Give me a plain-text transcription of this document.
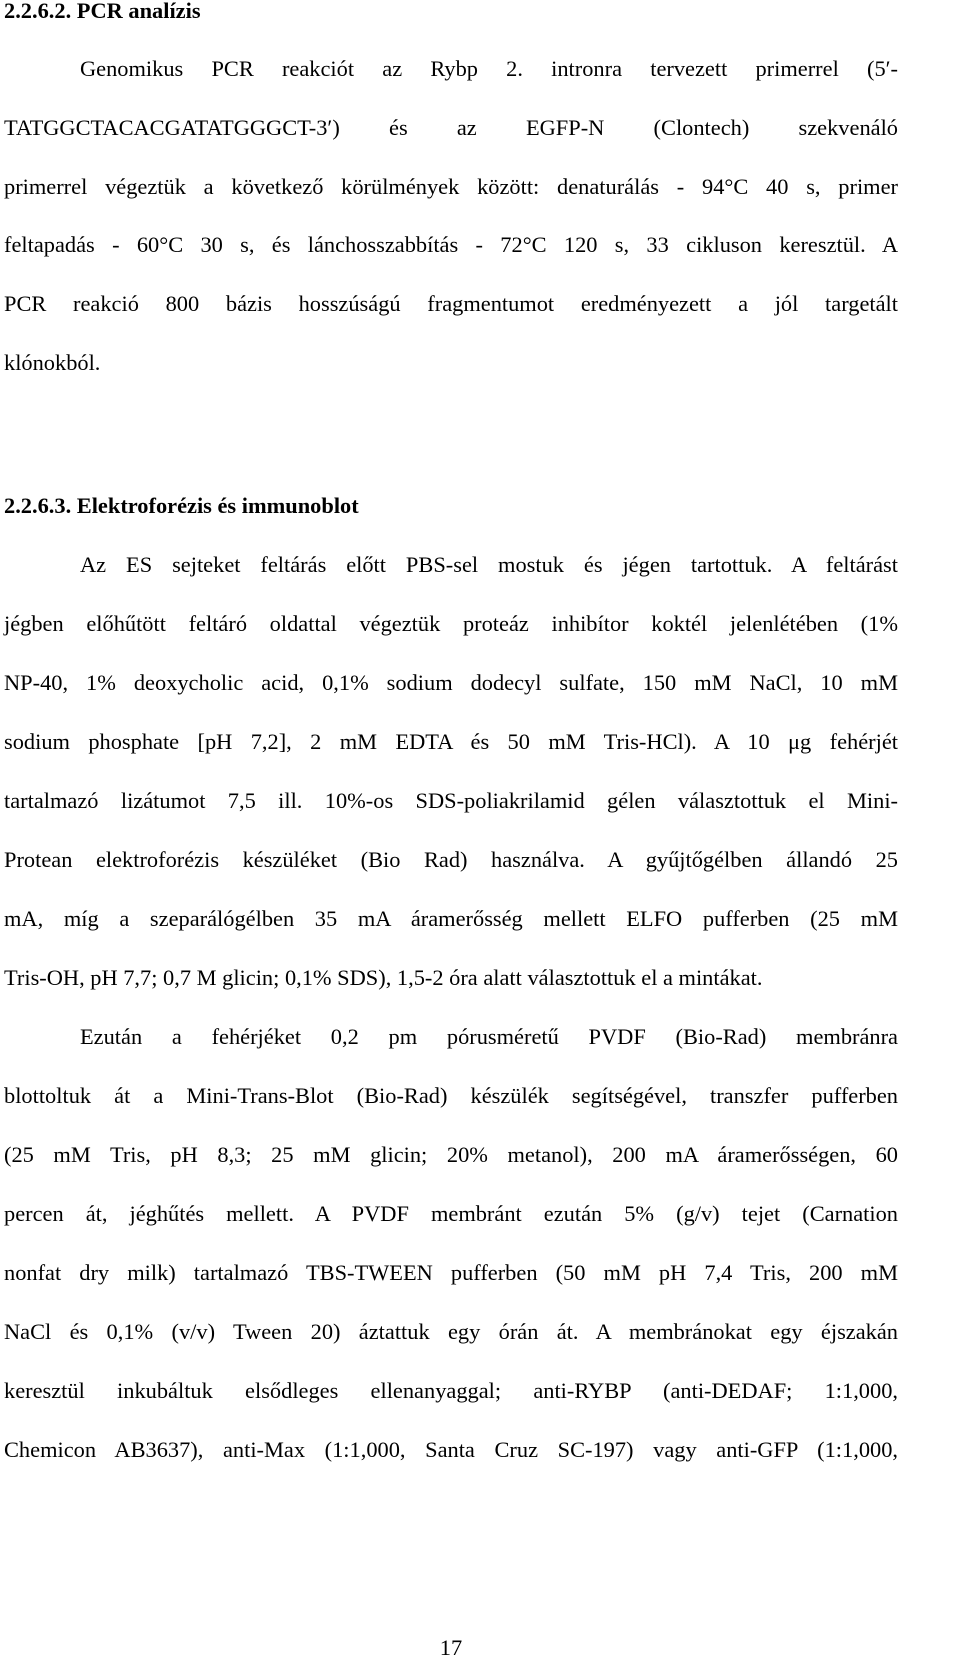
2.2.6.2. PCR analízis
Genomikus PCR reakciót az Rybp 2. intronra tervezett primerrel (5′-
TATGGCTACACGATATGGGCT-3′) és az EGFP-N (Clontech) szekvenáló
primerrel végeztük a következő körülmények között: denaturálás - 94°C 40 s, primer
feltapadás - 60°C 30 s, és lánchosszabbítás - 72°C 120 s, 33 cikluson keresztül. A
PCR reakció 800 bázis hosszúságú fragmentumot eredményezett a jól targetált
klónokból.
2.2.6.3. Elektroforézis és immunoblot
Az ES sejteket feltárás előtt PBS-sel mostuk és jégen tartottuk. A feltárást
jégben előhűtött feltáró oldattal végeztük proteáz inhibítor koktél jelenlétében (1%
NP-40, 1% deoxycholic acid, 0,1% sodium dodecyl sulfate, 150 mM NaCl, 10 mM
sodium phosphate [pH 7,2], 2 mM EDTA és 50 mM Tris-HCl). A 10 μg fehérjét
tartalmazó lizátumot 7,5 ill. 10%-os SDS-poliakrilamid gélen választottuk el Mini-
Protean elektroforézis készüléket (Bio Rad) használva. A gyűjtőgélben állandó 25
mA, míg a szeparálógélben 35 mA áramerősség mellett ELFO pufferben (25 mM
Tris-OH, pH 7,7; 0,7 M glicin; 0,1% SDS), 1,5-2 óra alatt választottuk el a mintákat.
Ezután a fehérjéket 0,2 pm pórusméretű PVDF (Bio-Rad) membránra
blottoltuk át a Mini-Trans-Blot (Bio-Rad) készülék segítségével, transzfer pufferben
(25 mM Tris, pH 8,3; 25 mM glicin; 20% metanol), 200 mA áramerősségen, 60
percen át, jéghűtés mellett. A PVDF membránt ezután 5% (g/v) tejet (Carnation
nonfat dry milk) tartalmazó TBS-TWEEN pufferben (50 mM pH 7,4 Tris, 200 mM
NaCl és 0,1% (v/v) Tween 20) áztattuk egy órán át. A membránokat egy éjszakán
keresztül inkubáltuk elsődleges ellenanyaggal; anti-RYBP (anti-DEDAF; 1:1,000,
Chemicon AB3637), anti-Max (1:1,000, Santa Cruz SC-197) vagy anti-GFP (1:1,000,
17
